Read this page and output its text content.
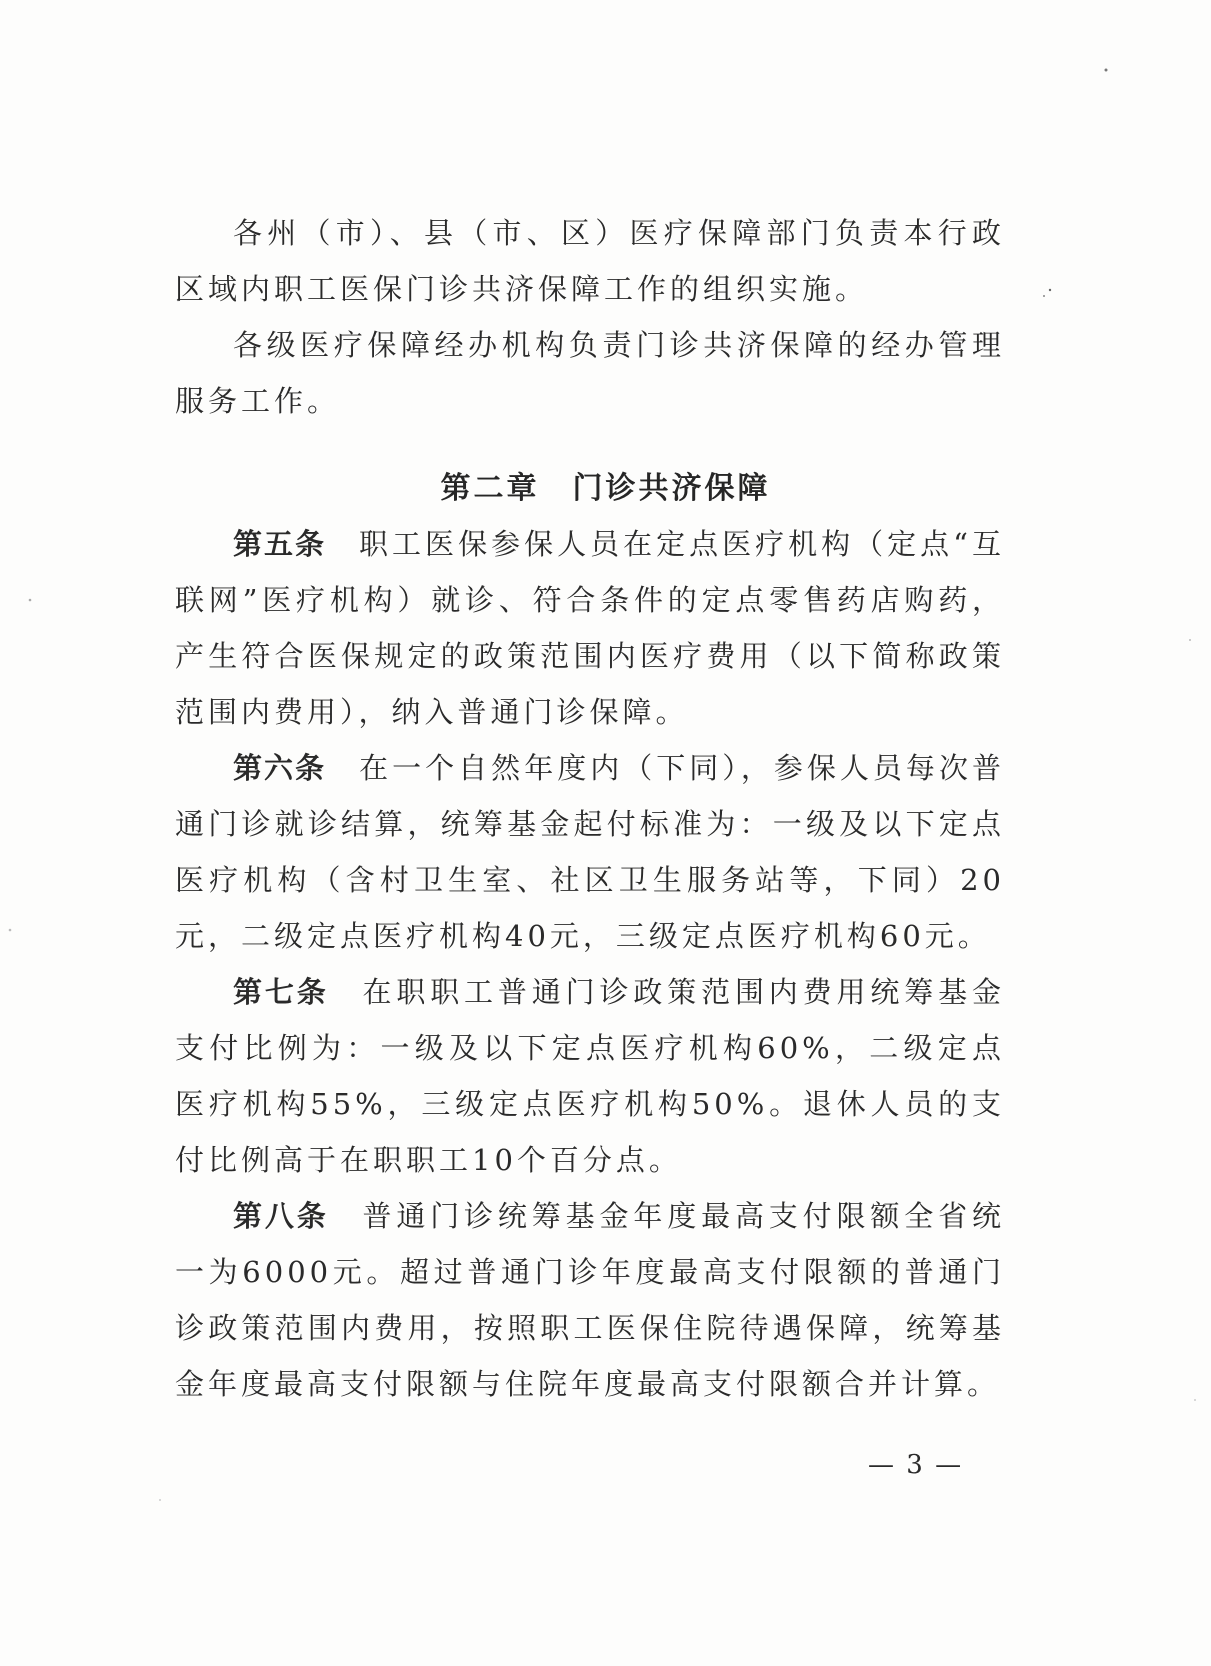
各州（市）、县（市、区）医疗保障部门负责本行政区域内职工医保门诊共济保障工作的组织实施。

各级医疗保障经办机构负责门诊共济保障的经办管理服务工作。

第二章　门诊共济保障

第五条　 职工医保参保人员在定点医疗机构（定点“互联网”医疗机构）就诊、符合条件的定点零售药店购药，产生符合医保规定的政策范围内医疗费用（以下简称政策范围内费用），纳入普通门诊保障。

第六条　 在一个自然年度内（下同），参保人员每次普通门诊就诊结算，统筹基金起付标准为：一级及以下定点医疗机构（含村卫生室、社区卫生服务站等，下同）20元，二级定点医疗机构40元，三级定点医疗机构60元。

第七条　 在职职工普通门诊政策范围内费用统筹基金支付比例为：一级及以下定点医疗机构60%，二级定点医疗机构55%，三级定点医疗机构50%。退休人员的支付比例高于在职职工10个百分点。

第八条　 普通门诊统筹基金年度最高支付限额全省统一为6000元。超过普通门诊年度最高支付限额的普通门诊政策范围内费用，按照职工医保住院待遇保障，统筹基金年度最高支付限额与住院年度最高支付限额合并计算。

— 3 —
